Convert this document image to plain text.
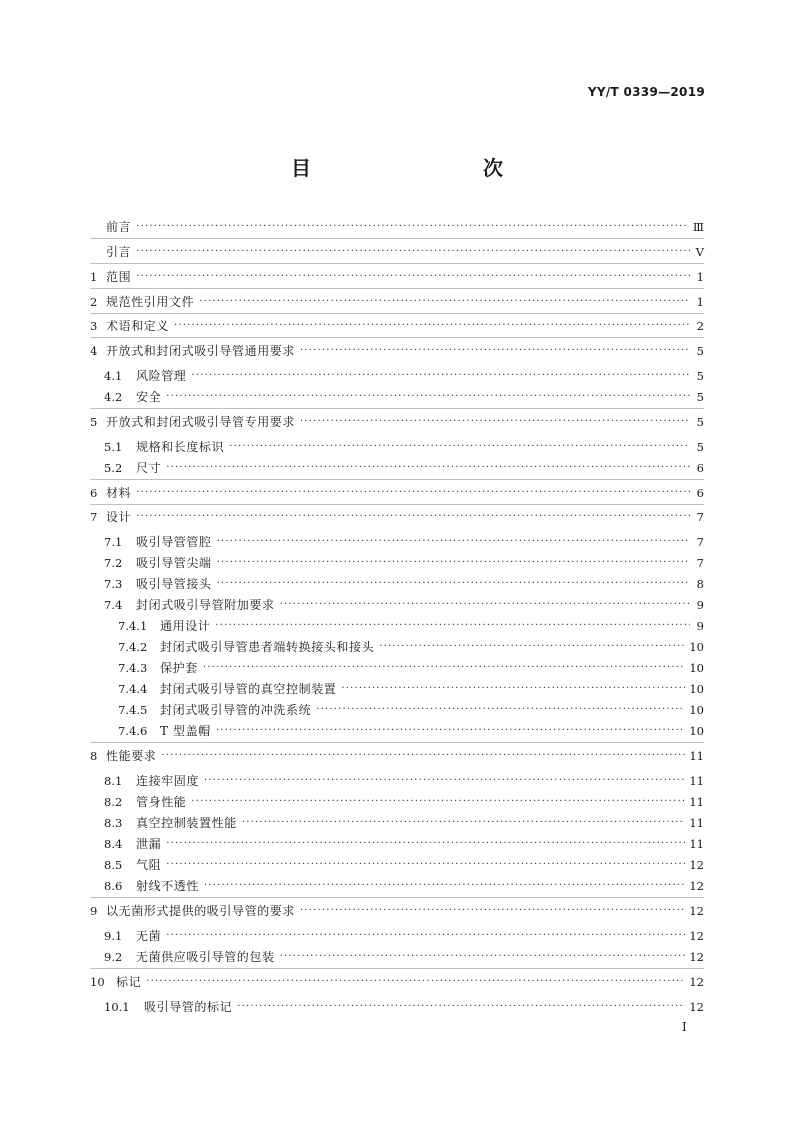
YY/T 0339—2019
目　　次
前言 ·····	Ⅲ
引言 ·····	Ⅴ
1 范围 ·····	1
2 规范性引用文件 ·····	1
3 术语和定义 ·····	2
4 开放式和封闭式吸引导管通用要求 ·····	5
4.1	风险管理 ·····	5
4.2	安全 ·····	5
5 开放式和封闭式吸引导管专用要求 ·····	5
5.1	规格和长度标识 ·····	5
5.2	尺寸 ·····	6
6 材料 ·····	6
7 设计 ·····	7
7.1	吸引导管管腔 ·····	7
7.2	吸引导管尖端 ·····	7
7.3	吸引导管接头 ·····	8
7.4	封闭式吸引导管附加要求 ·····	9
7.4.1	通用设计 ·····	9
7.4.2	封闭式吸引导管患者端转换接头和接头 ·····	10
7.4.3	保护套 ·····	10
7.4.4	封闭式吸引导管的真空控制装置 ·····	10
7.4.5	封闭式吸引导管的冲洗系统 ·····	10
7.4.6	T 型盖帽 ·····	10
8 性能要求 ·····	11
8.1	连接牢固度 ·····	11
8.2	管身性能 ·····	11
8.3	真空控制装置性能 ·····	11
8.4	泄漏 ·····	11
8.5	气阻 ·····	12
8.6	射线不透性 ·····	12
9 以无菌形式提供的吸引导管的要求 ·····	12
9.1	无菌 ·····	12
9.2	无菌供应吸引导管的包装 ·····	12
10 标记 ·····	12
10.1	吸引导管的标记 ·····	12
I
